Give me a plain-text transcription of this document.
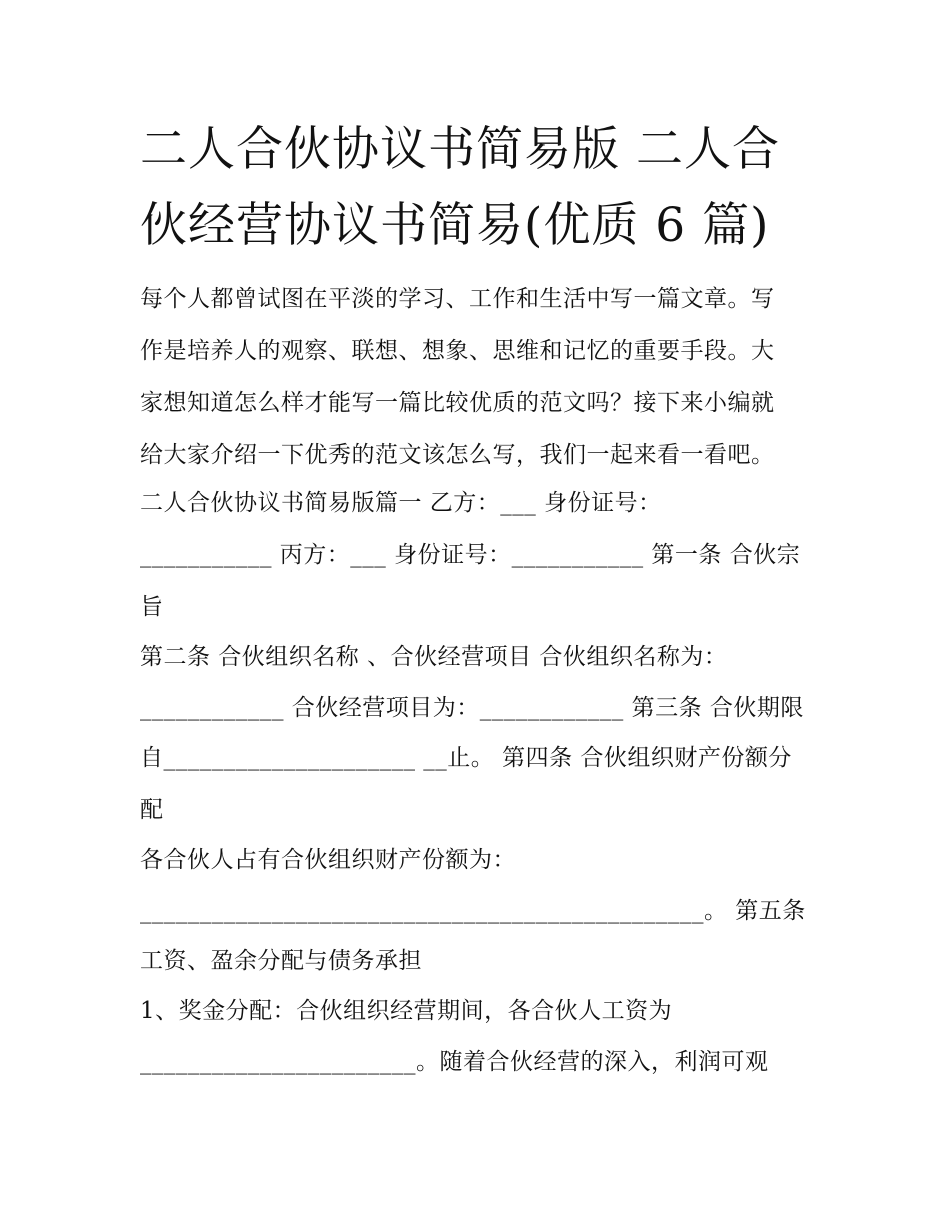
二人合伙协议书简易版 二人合
伙经营协议书简易(优质 6 篇)

每个人都曾试图在平淡的学习、工作和生活中写一篇文章。写

作是培养人的观察、联想、想象、思维和记忆的重要手段。大

家想知道怎么样才能写一篇比较优质的范文吗？接下来小编就

给大家介绍一下优秀的范文该怎么写，我们一起来看一看吧。

二人合伙协议书简易版篇一 乙方：___ 身份证号：

___________ 丙方：___ 身份证号：___________ 第一条 合伙宗

旨

第二条 合伙组织名称 、合伙经营项目 合伙组织名称为：

____________ 合伙经营项目为：____________ 第三条 合伙期限

自_____________________ __止。 第四条 合伙组织财产份额分

配

各合伙人占有合伙组织财产份额为：

_______________________________________________。 第五条

工资、盈余分配与债务承担

1、奖金分配：合伙组织经营期间，各合伙人工资为

_______________________。随着合伙经营的深入，利润可观
